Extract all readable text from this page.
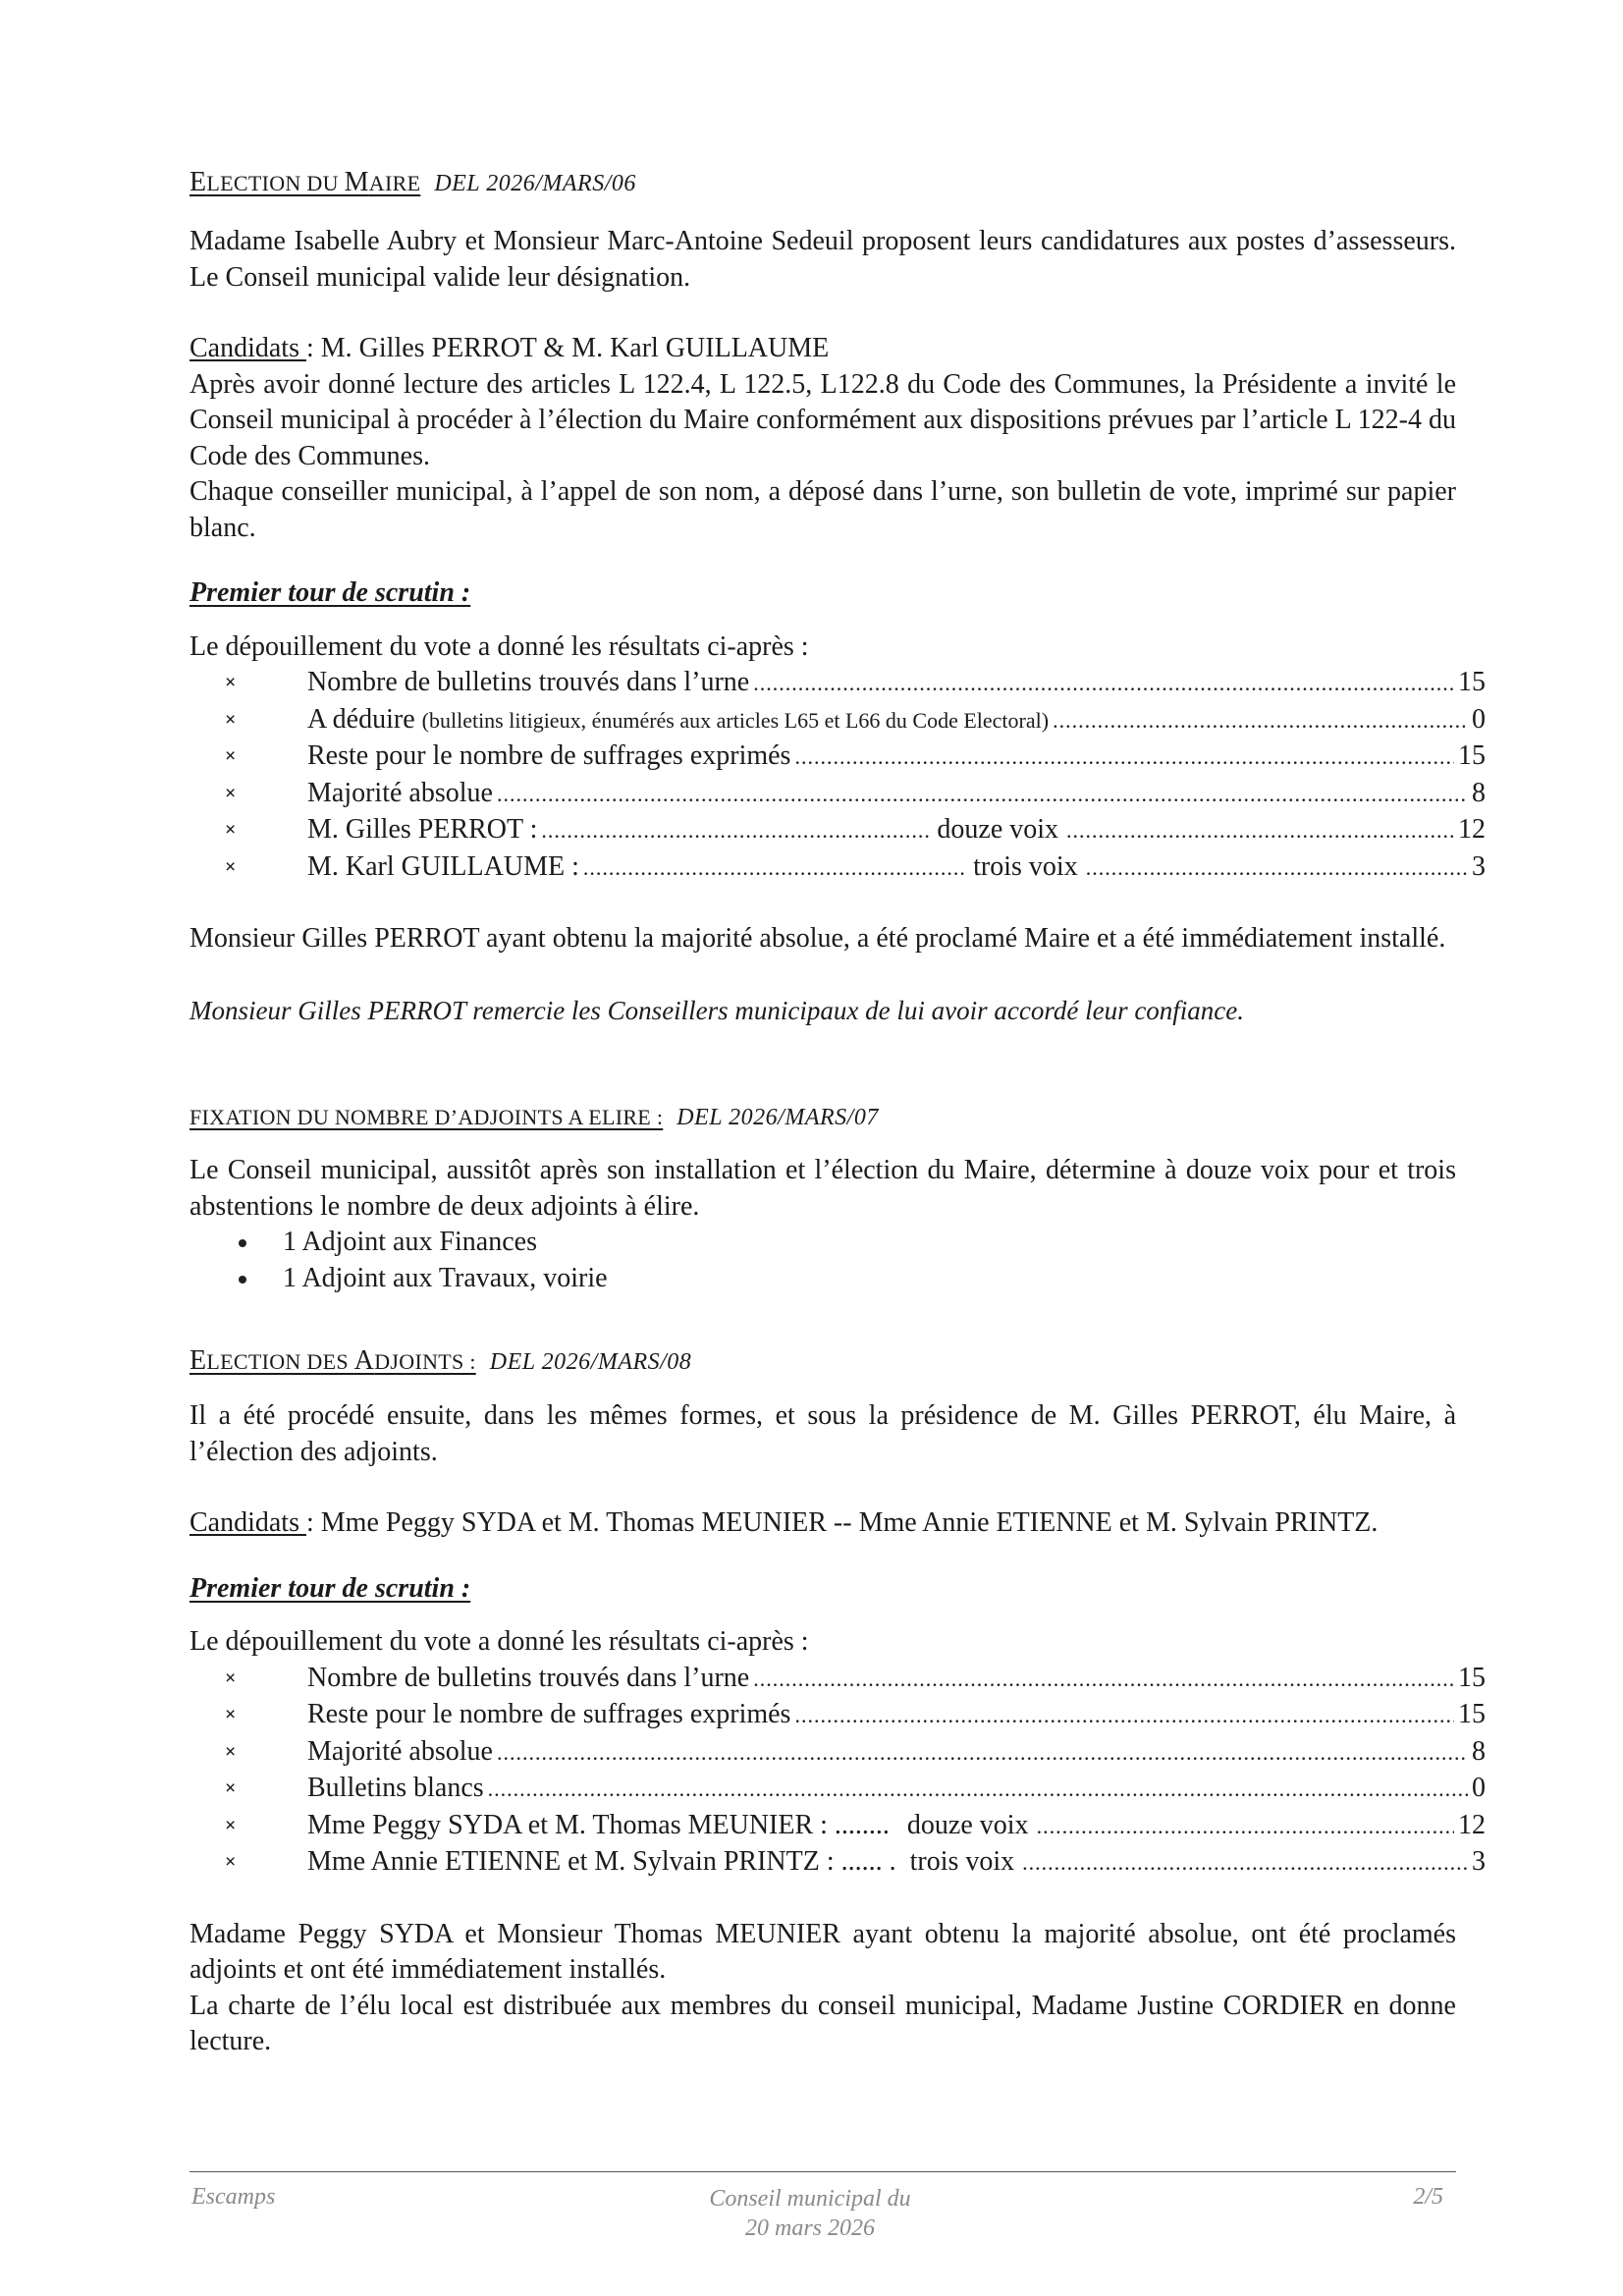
ELECTION DU MAIRE DEL 2026/MARS/06

Madame Isabelle Aubry et Monsieur Marc-Antoine Sedeuil proposent leurs candidatures aux postes d’assesseurs. Le Conseil municipal valide leur désignation.

Candidats : M. Gilles PERROT & M. Karl GUILLAUME

Après avoir donné lecture des articles L 122.4, L 122.5, L122.8 du Code des Communes, la Présidente a invité le Conseil municipal à procéder à l’élection du Maire conformément aux dispositions prévues par l’article L 122-4 du Code des Communes.

Chaque conseiller municipal, à l’appel de son nom, a déposé dans l’urne, son bulletin de vote, imprimé sur papier blanc.

Premier tour de scrutin :

Le dépouillement du vote a donné les résultats ci-après :

×	Nombre de bulletins trouvés dans l’urne .....	15
×	A déduire (bulletins litigieux, énumérés aux articles L65 et L66 du Code Electoral) .....	0
×	Reste pour le nombre de suffrages exprimés .....	15
×	Majorité absolue .....	8
×	M. Gilles PERROT : .....	douze voix .....	12
×	M. Karl GUILLAUME : .....	trois voix .....	3

Monsieur Gilles PERROT ayant obtenu la majorité absolue, a été proclamé Maire et a été immédiatement installé.

Monsieur Gilles PERROT remercie les Conseillers municipaux de lui avoir accordé leur confiance.

FIXATION DU NOMBRE D’ADJOINTS A ELIRE : DEL 2026/MARS/07

Le Conseil municipal, aussitôt après son installation et l’élection du Maire, détermine à douze voix pour et trois abstentions le nombre de deux adjoints à élire.

1 Adjoint aux Finances
1 Adjoint aux Travaux, voirie
ELECTION DES ADJOINTS : DEL 2026/MARS/08

Il a été procédé ensuite, dans les mêmes formes, et sous la présidence de M. Gilles PERROT, élu Maire, à l’élection des adjoints.

Candidats : Mme Peggy SYDA et M. Thomas MEUNIER -- Mme Annie ETIENNE et M. Sylvain PRINTZ.

Premier tour de scrutin :

Le dépouillement du vote a donné les résultats ci-après :

×	Nombre de bulletins trouvés dans l’urne .....	15
×	Reste pour le nombre de suffrages exprimés .....	15
×	Majorité absolue .....	8
×	Bulletins blancs .....	0
×	Mme Peggy SYDA et M. Thomas MEUNIER : ........ douze voix .....	12
×	Mme Annie ETIENNE et M. Sylvain PRINTZ : ...... . trois voix .....	3

Madame Peggy SYDA et Monsieur Thomas MEUNIER ayant obtenu la majorité absolue, ont été proclamés adjoints et ont été immédiatement installés.

La charte de l’élu local est distribuée aux membres du conseil municipal, Madame Justine CORDIER en donne lecture.

Escamps	Conseil municipal du
20 mars 2026
2/5
